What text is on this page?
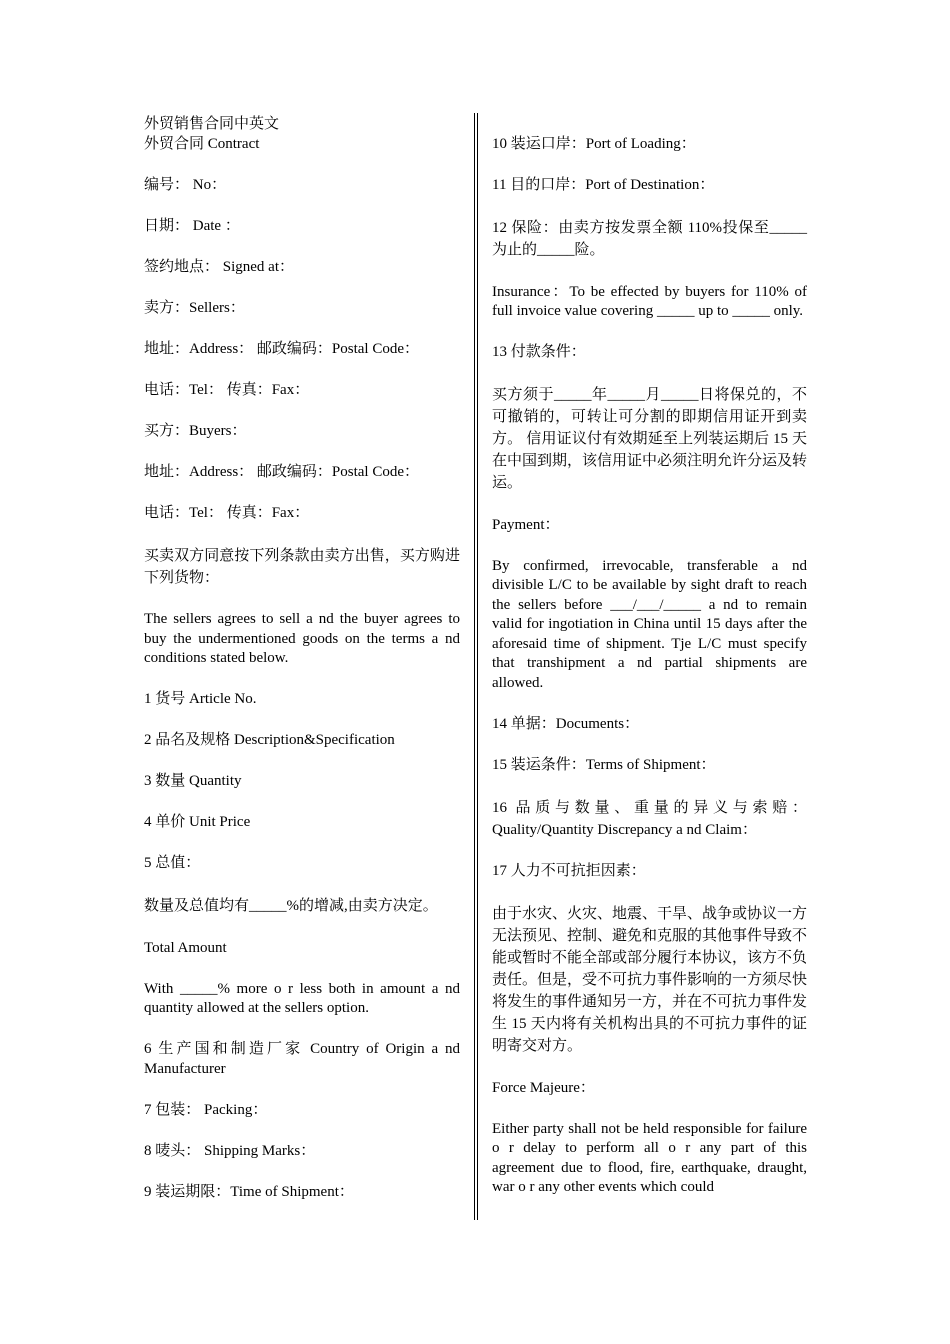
外贸销售合同中英文

外贸合同 Contract

编号： No：

日期： Date ：

签约地点： Signed at：

卖方：Sellers：

地址：Address： 邮政编码：Postal Code：

电话：Tel： 传真：Fax：

买方：Buyers：

地址：Address： 邮政编码：Postal Code：

电话：Tel： 传真：Fax：

买卖双方同意按下列条款由卖方出售，买方购进下列货物：

The sellers agrees to sell a nd the buyer agrees to buy the undermentioned goods on the terms a nd conditions stated below.

1 货号 Article No.

2 品名及规格 Description&Specification

3 数量 Quantity

4 单价 Unit Price

5 总值：

数量及总值均有_____%的增减,由卖方决定。

Total Amount

With _____% more o r less both in amount a nd quantity allowed at the sellers option.

6 生产国和制造厂家 Country of Origin a nd Manufacturer

7 包装： Packing：

8 唛头： Shipping Marks：

9 装运期限：Time of Shipment：

10 装运口岸：Port of Loading：

11 目的口岸：Port of Destination：

12 保险：由卖方按发票全额 110%投保至_____为止的_____险。

Insurance：To be effected by buyers for 110% of full invoice value covering _____ up to _____ only.

13 付款条件：

买方须于_____年_____月_____日将保兑的，不可撤销的，可转让可分割的即期信用证开到卖方。 信用证议付有效期延至上列装运期后 15 天在中国到期，该信用证中必须注明允许分运及转运。

Payment：

By confirmed, irrevocable, transferable a nd divisible L/C to be available by sight draft to reach the sellers before ___/___/_____ a nd to remain valid for ingotiation in China until 15 days after the aforesaid time of shipment. Tje L/C must specify that transhipment a nd partial shipments are allowed.

14 单据：Documents：

15 装运条件：Terms of Shipment：

16 品质与数量、重量的异义与索赔：Quality/Quantity Discrepancy a nd Claim：

17 人力不可抗拒因素：

由于水灾、火灾、地震、干旱、战争或协议一方无法预见、控制、避免和克服的其他事件导致不能或暂时不能全部或部分履行本协议，该方不负责任。但是，受不可抗力事件影响的一方须尽快将发生的事件通知另一方，并在不可抗力事件发生 15 天内将有关机构出具的不可抗力事件的证明寄交对方。

Force Majeure：

Either party shall not be held responsible for failure o r delay to perform all o r any part of this agreement due to flood, fire, earthquake, draught, war o r any other events which could
